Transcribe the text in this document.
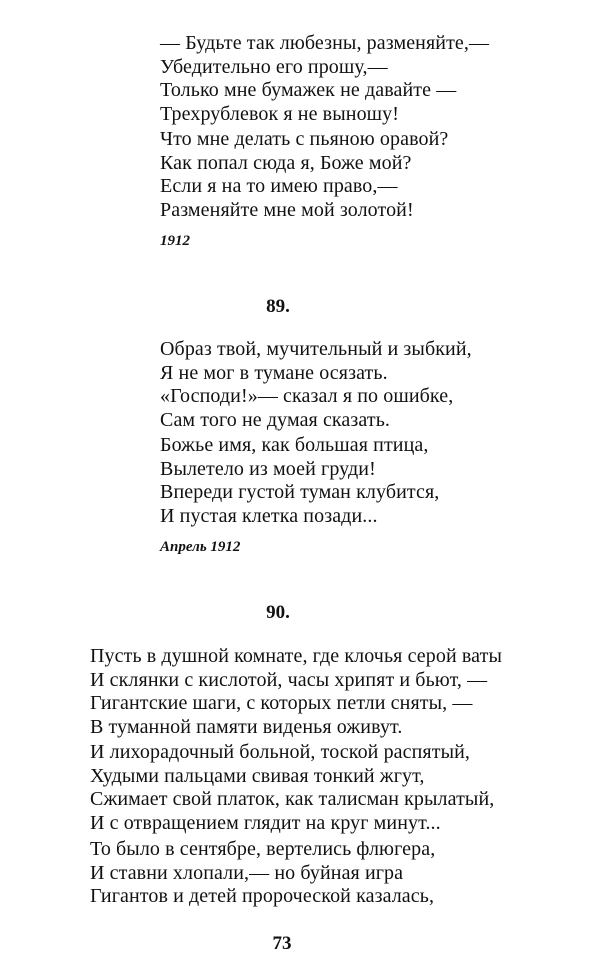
— Будьте так любезны, разменяйте,—
Убедительно его прошу,—
Только мне бумажек не давайте —
Трехрублевок я не выношу!
Что мне делать с пьяною оравой?
Как попал сюда я, Боже мой?
Если я на то имею право,—
Разменяйте мне мой золотой!
1912
89.
Образ твой, мучительный и зыбкий,
Я не мог в тумане осязать.
«Господи!»— сказал я по ошибке,
Сам того не думая сказать.
Божье имя, как большая птица,
Вылетело из моей груди!
Впереди густой туман клубится,
И пустая клетка позади...
Апрель 1912
90.
Пусть в душной комнате, где клочья серой ваты
И склянки с кислотой, часы хрипят и бьют, —
Гигантские шаги, с которых петли сняты, —
В туманной памяти виденья оживут.
И лихорадочный больной, тоской распятый,
Худыми пальцами свивая тонкий жгут,
Сжимает свой платок, как талисман крылатый,
И с отвращением глядит на круг минут...
То было в сентябре, вертелись флюгера,
И ставни хлопали,— но буйная игра
Гигантов и детей пророческой казалась,
73
